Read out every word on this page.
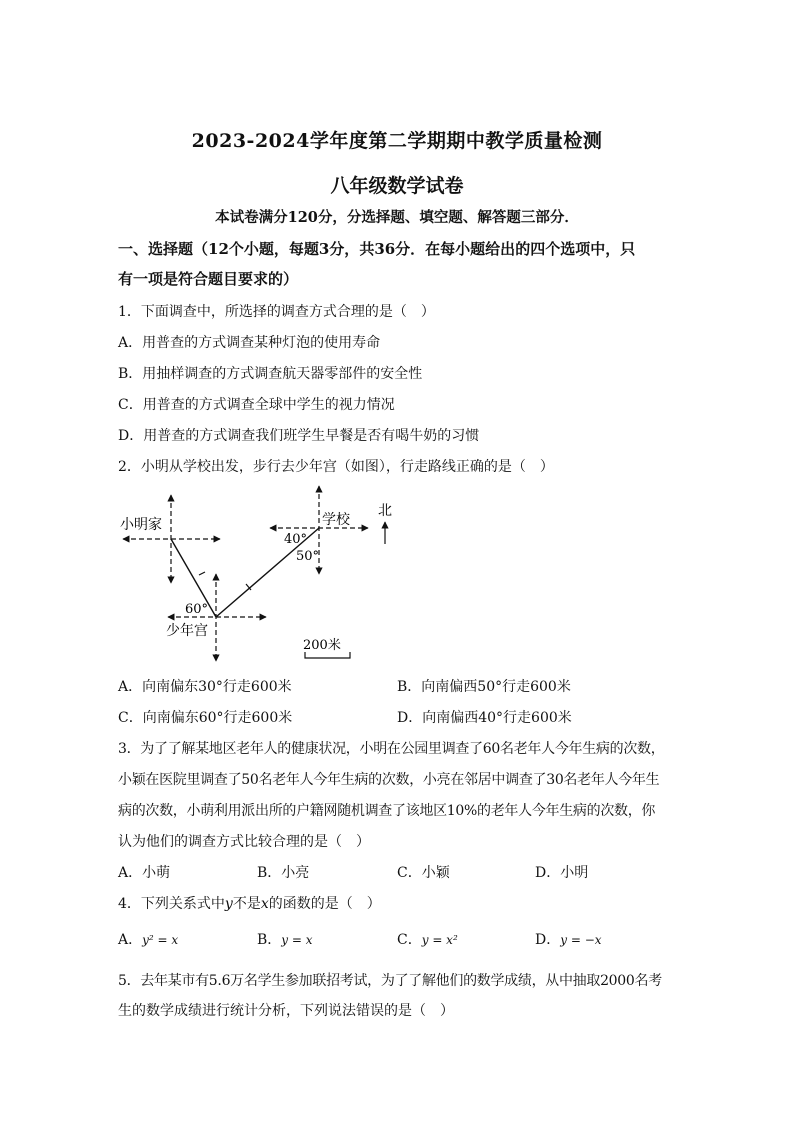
2023-2024学年度第二学期期中教学质量检测
八年级数学试卷
本试卷满分120分，分选择题、填空题、解答题三部分．
一、选择题（12个小题，每题3分，共36分．在每小题给出的四个选项中，只
有一项是符合题目要求的）
1．下面调查中，所选择的调查方式合理的是（　）
A．用普查的方式调查某种灯泡的使用寿命
B．用抽样调查的方式调查航天器零部件的安全性
C．用普查的方式调查全球中学生的视力情况
D．用普查的方式调查我们班学生早餐是否有喝牛奶的习惯
2．小明从学校出发，步行去少年宫（如图），行走路线正确的是（　）
小明家	学校
少年宫
北
40°
50°
60°
200米
A．向南偏东30°行走600米	B．向南偏西50°行走600米
C．向南偏东60°行走600米	D．向南偏西40°行走600米
3．为了了解某地区老年人的健康状况，小明在公园里调查了60名老年人今年生病的次数，
小颖在医院里调查了50名老年人今年生病的次数，小亮在邻居中调查了30名老年人今年生
病的次数，小萌利用派出所的户籍网随机调查了该地区10%的老年人今年生病的次数，你
认为他们的调查方式比较合理的是（　）
A．小萌	B．小亮	C．小颖	D．小明
4．下列关系式中y不是x的函数的是（　）
A．y² = x	B．y = x	C．y = x²	D．y = −x
5．去年某市有5.6万名学生参加联招考试，为了了解他们的数学成绩，从中抽取2000名考
生的数学成绩进行统计分析，下列说法错误的是（　）
